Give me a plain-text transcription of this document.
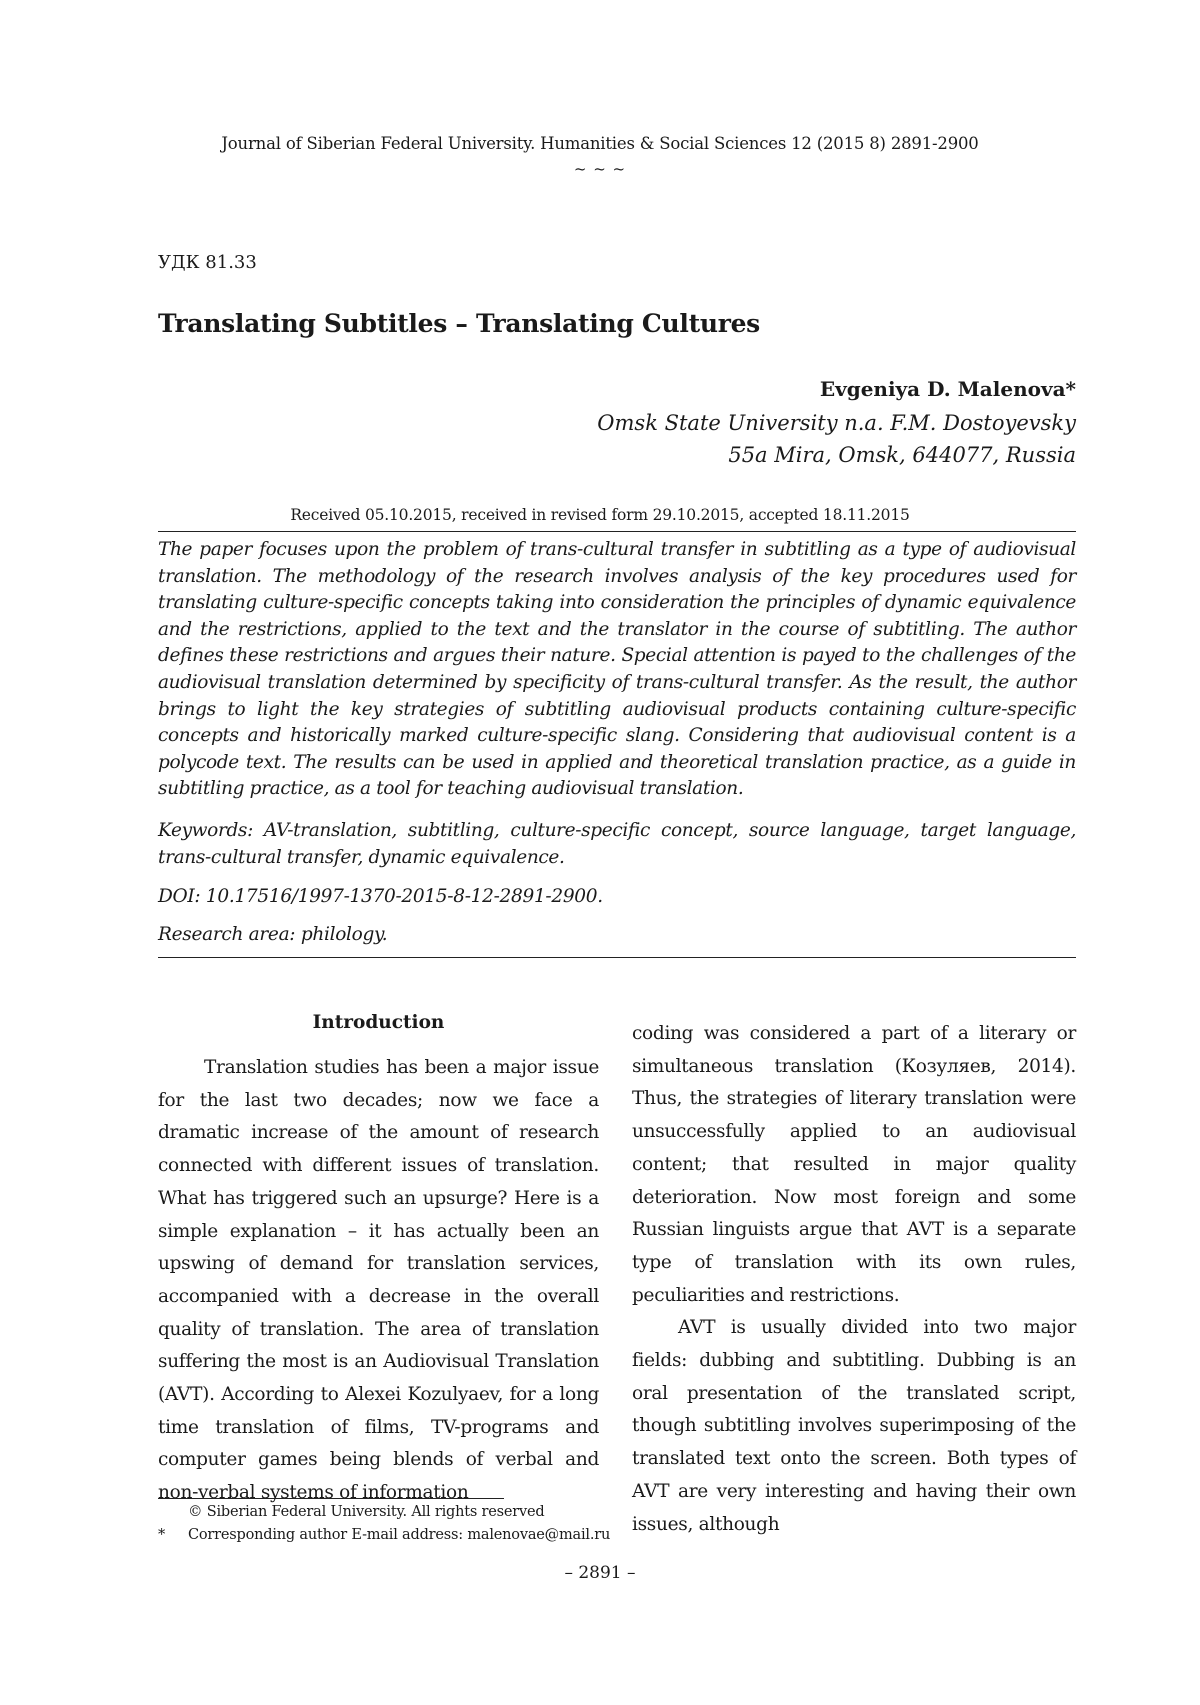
Journal of Siberian Federal University. Humanities & Social Sciences 12 (2015 8) 2891-2900
~ ~ ~
УДК 81.33
Translating Subtitles – Translating Cultures
Evgeniya D. Malenova*
Omsk State University n.a. F.M. Dostoyevsky
55a Mira, Omsk, 644077, Russia
Received 05.10.2015, received in revised form 29.10.2015, accepted 18.11.2015

The paper focuses upon the problem of trans-cultural transfer in subtitling as a type of audiovisual translation. The methodology of the research involves analysis of the key procedures used for translating culture-specific concepts taking into consideration the principles of dynamic equivalence and the restrictions, applied to the text and the translator in the course of subtitling. The author defines these restrictions and argues their nature. Special attention is payed to the challenges of the audiovisual translation determined by specificity of trans-cultural transfer. As the result, the author brings to light the key strategies of subtitling audiovisual products containing culture-specific concepts and historically marked culture-specific slang. Considering that audiovisual content is a polycode text. The results can be used in applied and theoretical translation practice, as a guide in subtitling practice, as a tool for teaching audiovisual translation.

Keywords: AV-translation, subtitling, culture-specific concept, source language, target language, trans-cultural transfer, dynamic equivalence.

DOI: 10.17516/1997-1370-2015-8-12-2891-2900.
Research area: philology.
Introduction

Translation studies has been a major issue for the last two decades; now we face a dramatic increase of the amount of research connected with different issues of translation. What has triggered such an upsurge? Here is a simple explanation – it has actually been an upswing of demand for translation services, accompanied with a decrease in the overall quality of translation. The area of translation suffering the most is an Audiovisual Translation (AVT). According to Alexei Kozulyaev, for a long time translation of films, TV-programs and computer games being blends of verbal and non-verbal systems of information

coding was considered a part of a literary or simultaneous translation (Козуляев, 2014). Thus, the strategies of literary translation were unsuccessfully applied to an audiovisual content; that resulted in major quality deterioration. Now most foreign and some Russian linguists argue that AVT is a separate type of translation with its own rules, peculiarities and restrictions.

AVT is usually divided into two major fields: dubbing and subtitling. Dubbing is an oral presentation of the translated script, though subtitling involves superimposing of the translated text onto the screen. Both types of AVT are very interesting and having their own issues, although

© Siberian Federal University. All rights reserved
* Corresponding author E-mail address: malenovae@mail.ru
– 2891 –
